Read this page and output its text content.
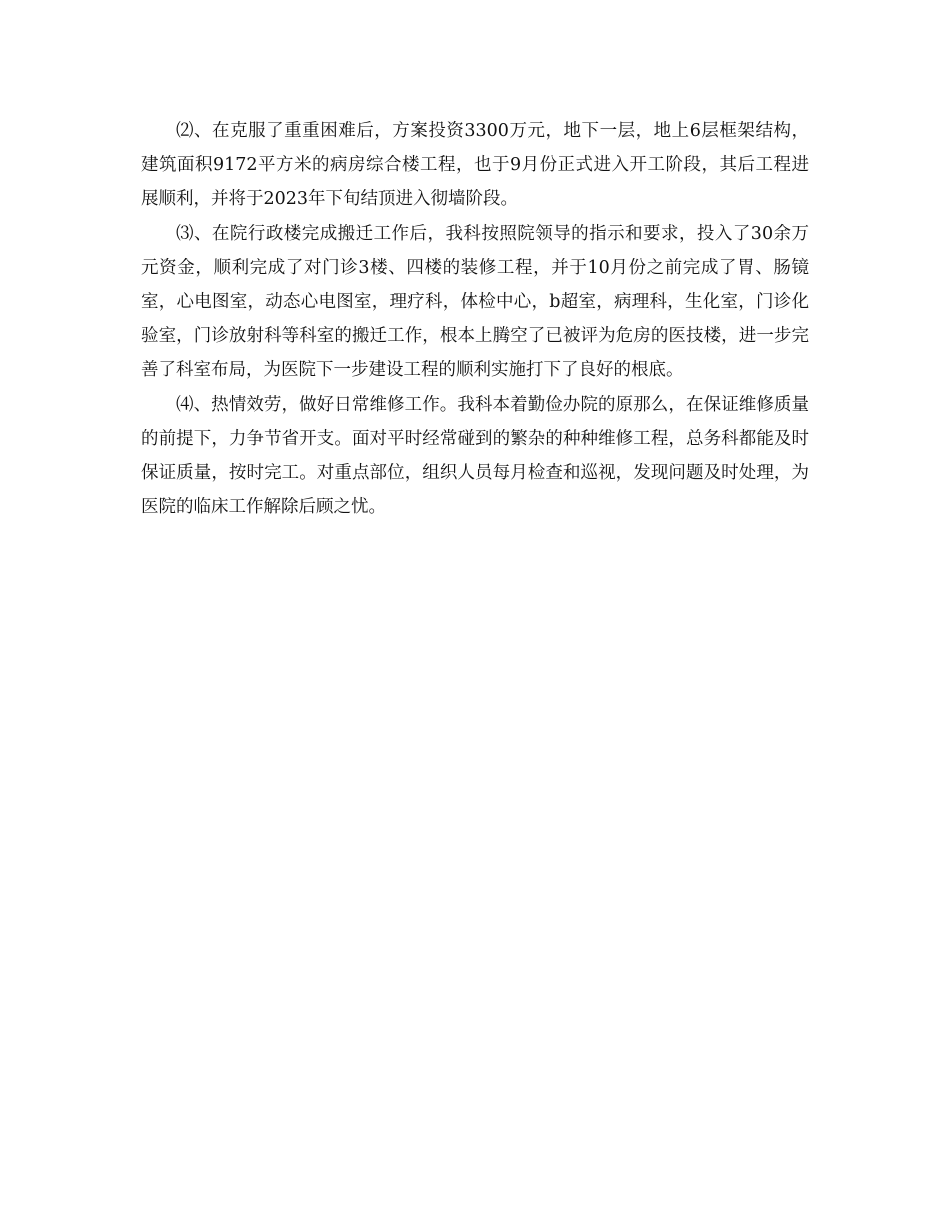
⑵、在克服了重重困难后，方案投资3300万元，地下一层，地上6层框架结构，建筑面积9172平方米的病房综合楼工程，也于9月份正式进入开工阶段，其后工程进展顺利，并将于2023年下旬结顶进入彻墙阶段。

⑶、在院行政楼完成搬迁工作后，我科按照院领导的指示和要求，投入了30余万元资金，顺利完成了对门诊3楼、四楼的装修工程，并于10月份之前完成了胃、肠镜室，心电图室，动态心电图室，理疗科，体检中心，b超室，病理科，生化室，门诊化验室，门诊放射科等科室的搬迁工作，根本上腾空了已被评为危房的医技楼，进一步完善了科室布局，为医院下一步建设工程的顺利实施打下了良好的根底。

⑷、热情效劳，做好日常维修工作。我科本着勤俭办院的原那么，在保证维修质量的前提下，力争节省开支。面对平时经常碰到的繁杂的种种维修工程，总务科都能及时保证质量，按时完工。对重点部位，组织人员每月检查和巡视，发现问题及时处理，为医院的临床工作解除后顾之忧。
